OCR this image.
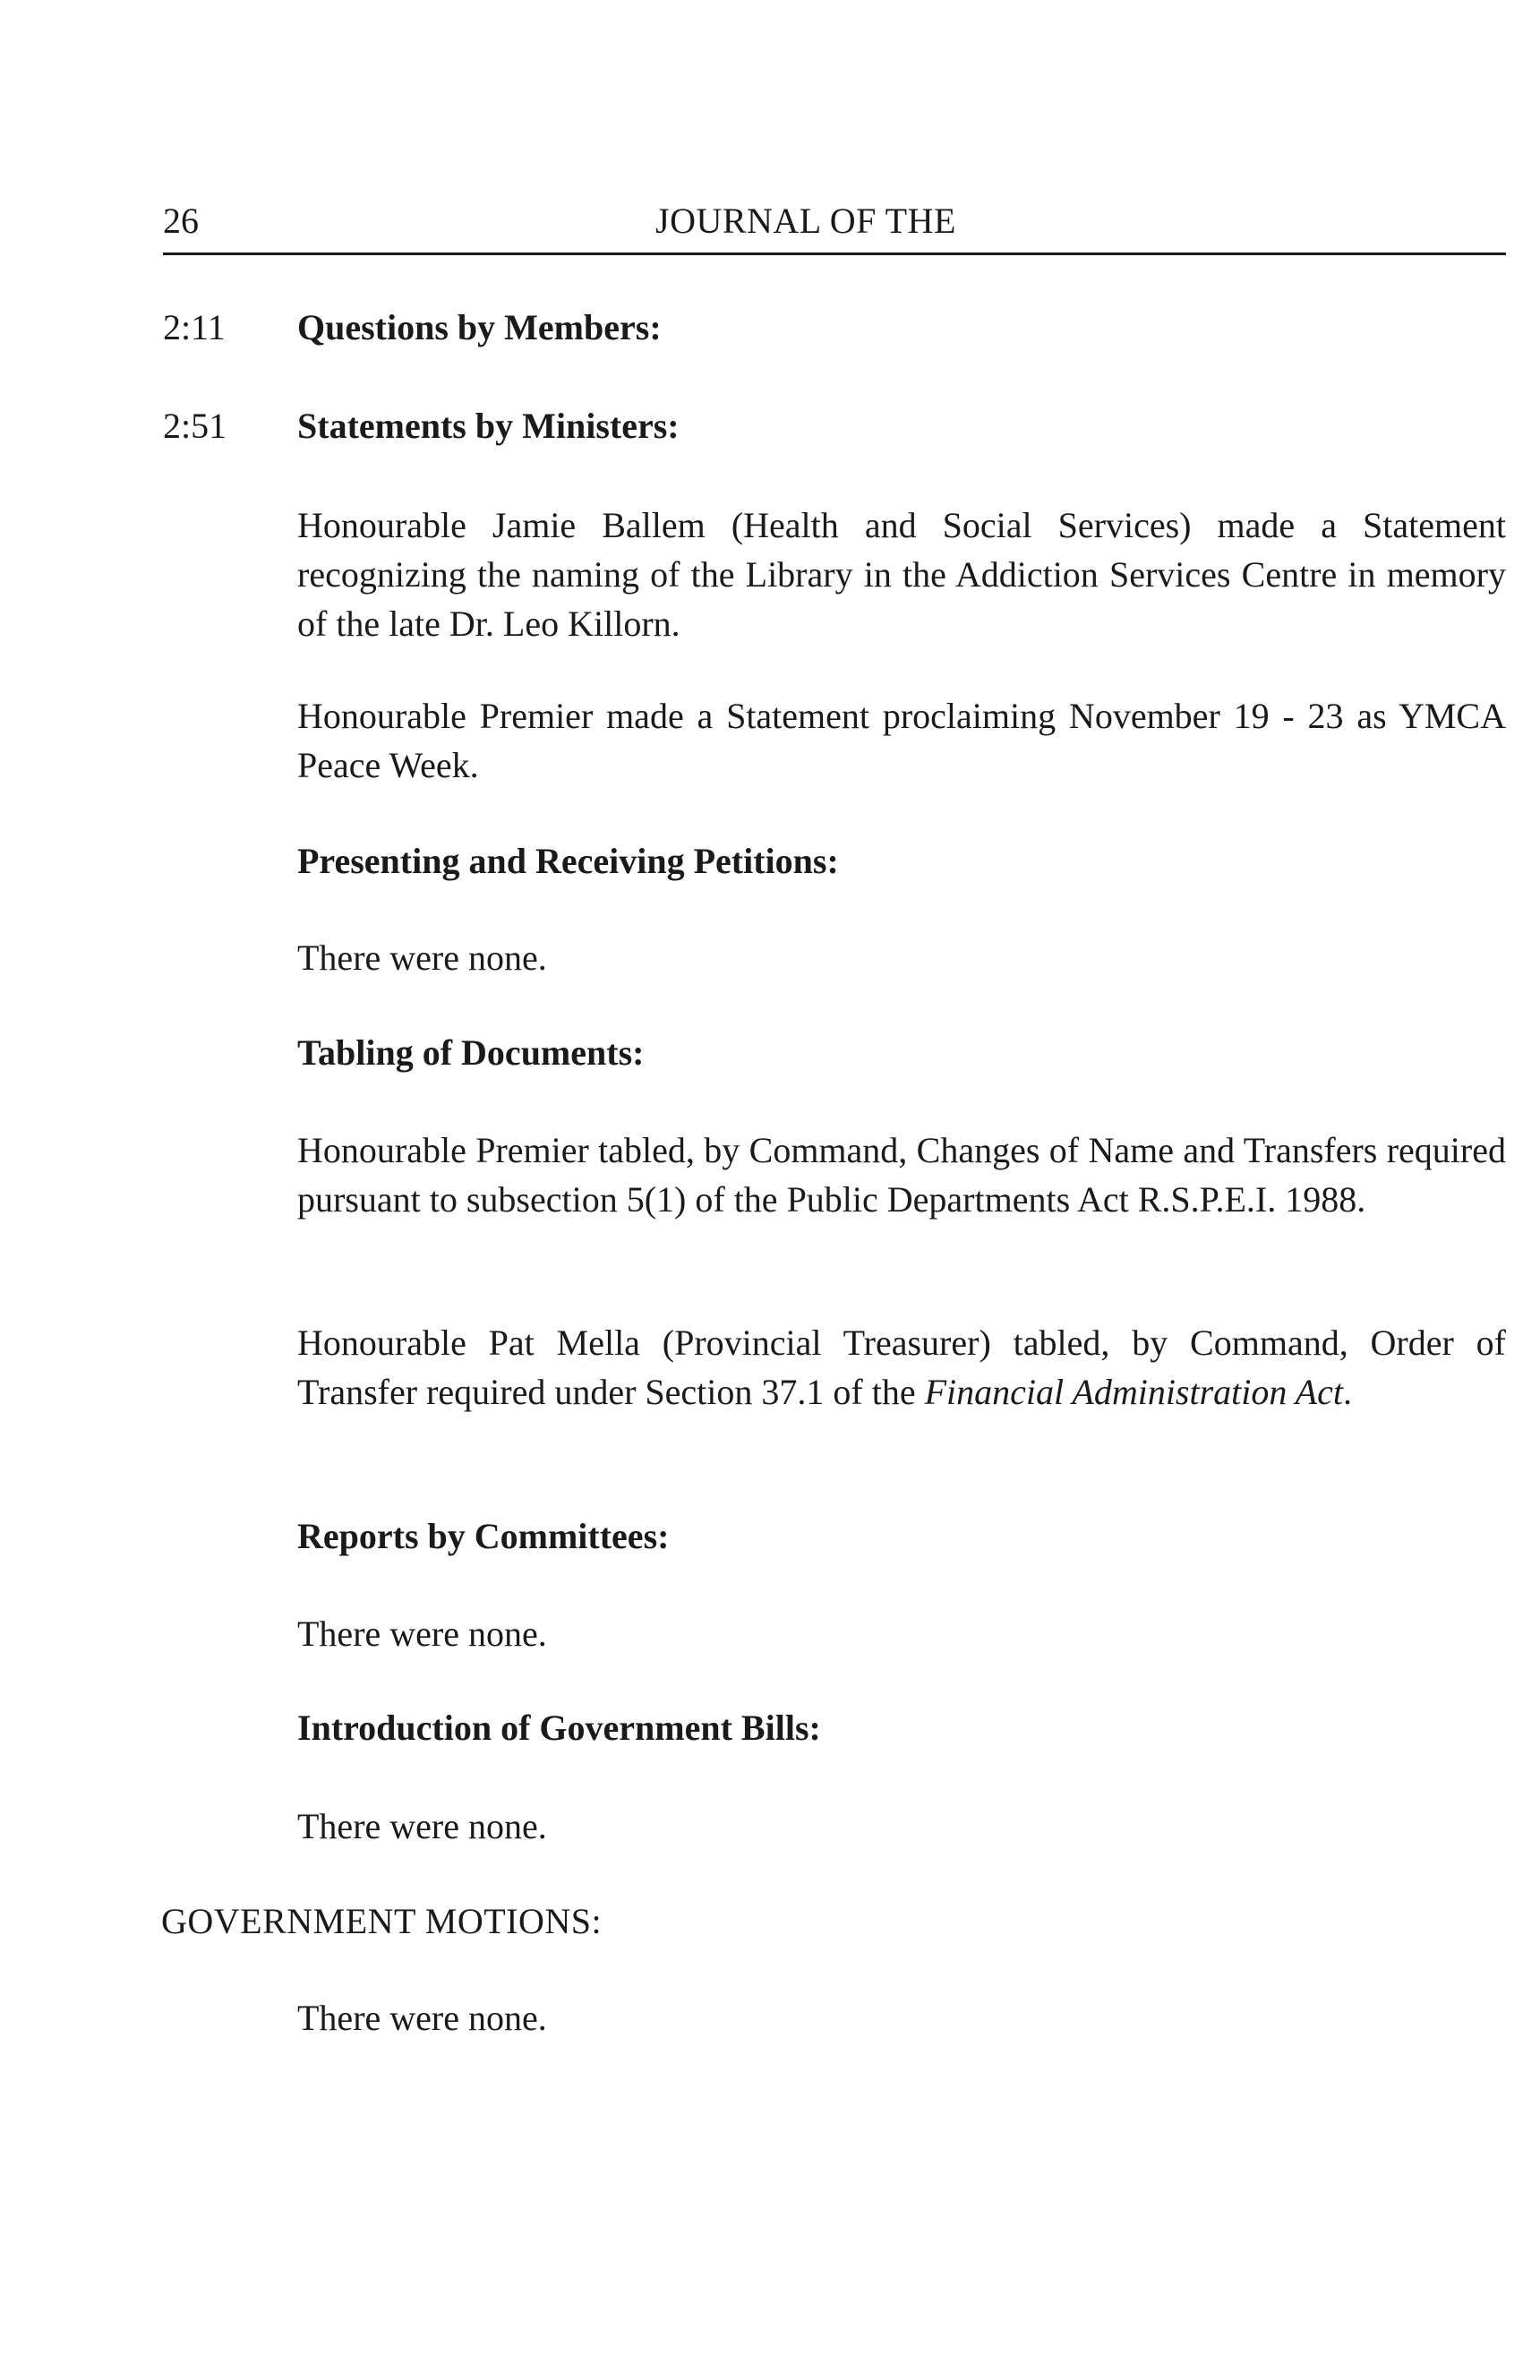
26	JOURNAL OF THE
2:11 Questions by Members:
2:51 Statements by Ministers:
Honourable Jamie Ballem (Health and Social Services) made a Statement recognizing the naming of the Library in the Addiction Services Centre in memory of the late Dr. Leo Killorn.
Honourable Premier made a Statement proclaiming November 19 - 23 as YMCA Peace Week.
Presenting and Receiving Petitions:
There were none.
Tabling of Documents:
Honourable Premier tabled, by Command, Changes of Name and Transfers required pursuant to subsection 5(1) of the Public Departments Act R.S.P.E.I. 1988.
Honourable Pat Mella (Provincial Treasurer) tabled, by Command, Order of Transfer required under Section 37.1 of the Financial Administration Act.
Reports by Committees:
There were none.
Introduction of Government Bills:
There were none.
GOVERNMENT MOTIONS:
There were none.
